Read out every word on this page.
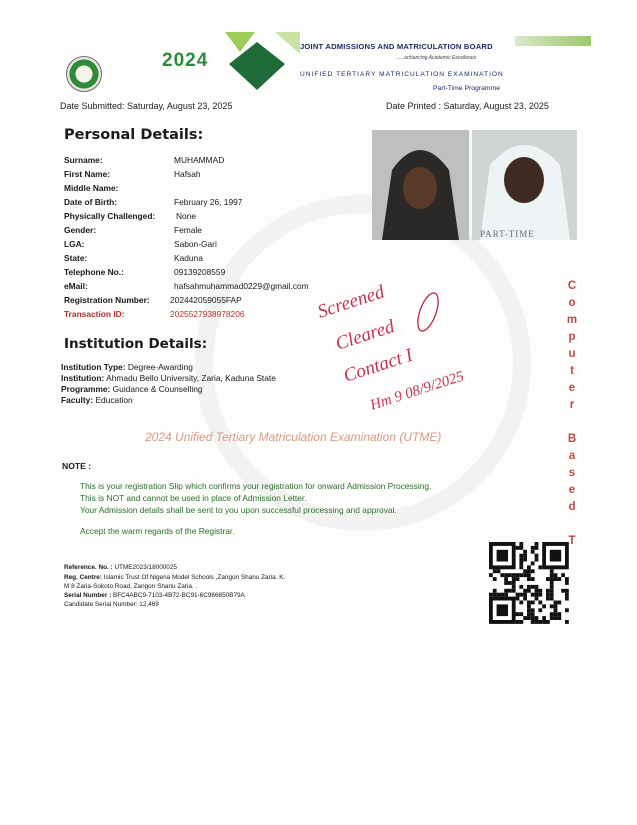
2024
JOINT ADMISSIONS AND MATRICULATION BOARD
......enhancing Academic Excellence
UNIFIED TERTIARY MATRICULATION EXAMINATION
Part-Time Programme
Date Submitted: Saturday, August 23, 2025	Date Printed : Saturday, August 23, 2025
Personal Details:
Surname:	MUHAMMAD
First Name:	Hafsah
Middle Name:
Date of Birth:	February 26, 1997
Physically Challenged: None
Gender:	Female
LGA:	Sabon-Gari
State:	Kaduna
Telephone No.:	09139208559
eMail:	hafsahmuhammad0229@gmail.com
Registration Number: 202442059055FAP
Transaction ID:	2025527938978206
PART-TIME
Institution Details:
Institution Type: Degree-Awarding
Institution: Ahmadu Bello University, Zaria, Kaduna State
Programme: Guidance & Counselling
Faculty: Education
2024 Unified Tertiary Matriculation Examination (UTME)
NOTE :
This is your registration Slip which confirms your registration for onward Admission Processing.
This is NOT and cannot be used in place of Admission Letter.
Your Admission details shall be sent to you upon successful processing and approval.
Accept the warm regards of the Registrar.
Reference. No. : UTME2023/18000025
Reg. Centre: Islamic Trust Of Nigeria Model Schools ,Zangon Shanu Zaria. K.
M 8 Zaria-Sokoto Road, Zangon Shanu Zaria. .
Serial Number : BFC4ABC9-7103-4B72-BC91-6C986850B79A
Candidate Serial Number: 12,469
C
o
m
p
u
t
e
r

B
a
s
e
d

T
Screened
Cleared
Contact I
Hm 9 08/9/2025
